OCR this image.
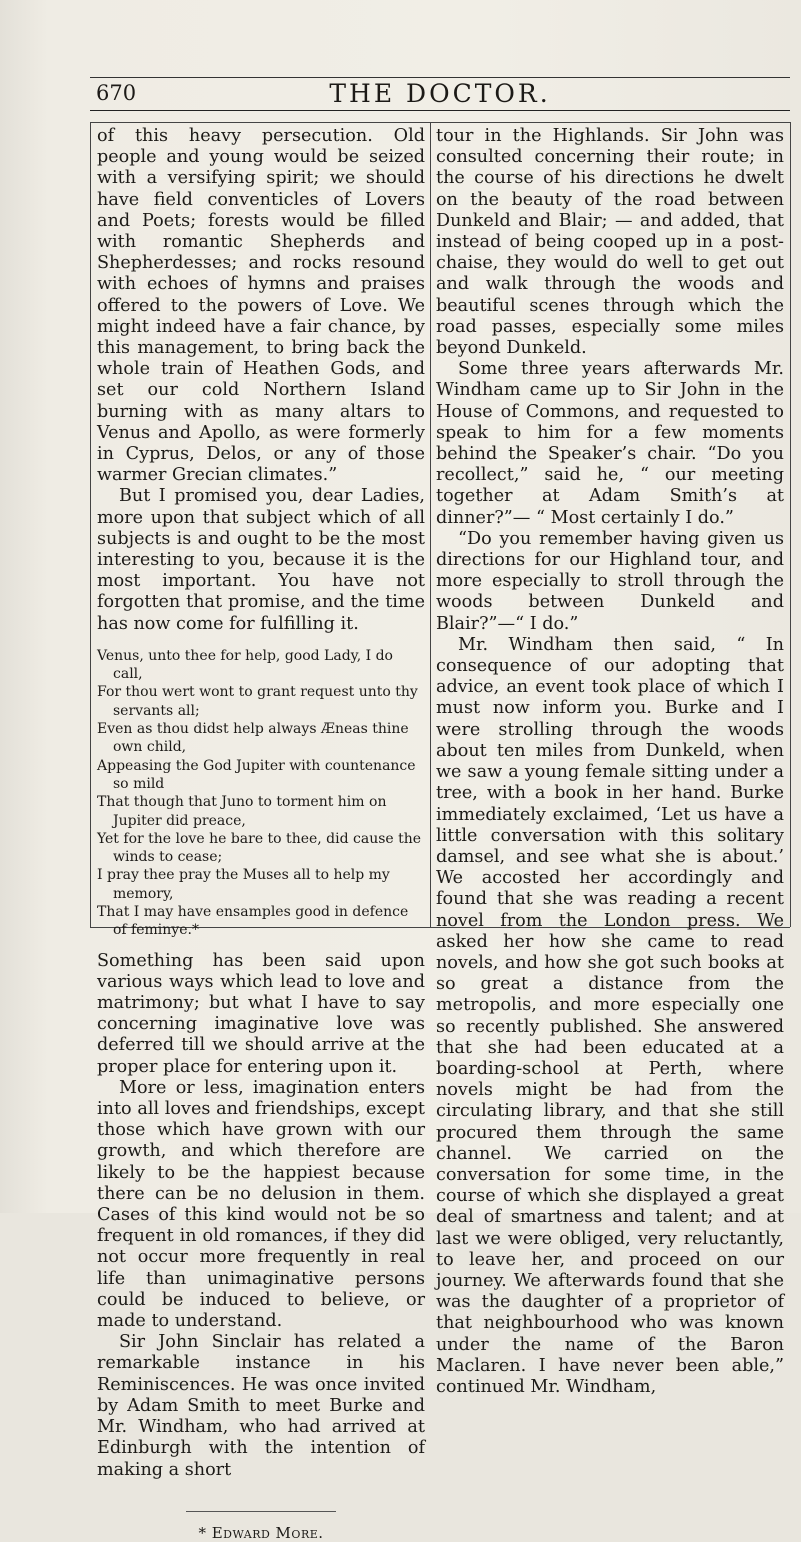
670	THE DOCTOR.

of this heavy persecution. Old people and young would be seized with a versifying spirit; we should have field conventicles of Lovers and Poets; forests would be filled with romantic Shepherds and Shepherdesses; and rocks resound with echoes of hymns and praises offered to the powers of Love. We might indeed have a fair chance, by this management, to bring back the whole train of Heathen Gods, and set our cold Northern Island burning with as many altars to Venus and Apollo, as were formerly in Cyprus, Delos, or any of those warmer Grecian climates.”

But I promised you, dear Ladies, more upon that subject which of all subjects is and ought to be the most interesting to you, because it is the most important. You have not forgotten that promise, and the time has now come for fulfilling it.

Venus, unto thee for help, good Lady, I do call,
For thou wert wont to grant request unto thy servants all;
Even as thou didst help always Æneas thine own child,
Appeasing the God Jupiter with countenance so mild
That though that Juno to torment him on Jupiter did preace,
Yet for the love he bare to thee, did cause the winds to cease;
I pray thee pray the Muses all to help my memory,
That I may have ensamples good in defence of feminye.*

Something has been said upon various ways which lead to love and matrimony; but what I have to say concerning imaginative love was deferred till we should arrive at the proper place for entering upon it.

More or less, imagination enters into all loves and friendships, except those which have grown with our growth, and which therefore are likely to be the happiest because there can be no delusion in them. Cases of this kind would not be so frequent in old romances, if they did not occur more frequently in real life than unimaginative persons could be induced to believe, or made to understand.

Sir John Sinclair has related a remarkable instance in his Reminiscences. He was once invited by Adam Smith to meet Burke and Mr. Windham, who had arrived at Edinburgh with the intention of making a short

* Edward More.

tour in the Highlands. Sir John was consulted concerning their route; in the course of his directions he dwelt on the beauty of the road between Dunkeld and Blair; — and added, that instead of being cooped up in a post-chaise, they would do well to get out and walk through the woods and beautiful scenes through which the road passes, especially some miles beyond Dunkeld.

Some three years afterwards Mr. Windham came up to Sir John in the House of Commons, and requested to speak to him for a few moments behind the Speaker’s chair. “Do you recollect,” said he, “ our meeting together at Adam Smith’s at dinner?”— “ Most certainly I do.”

“Do you remember having given us directions for our Highland tour, and more especially to stroll through the woods between Dunkeld and Blair?”—“ I do.”

Mr. Windham then said, “ In consequence of our adopting that advice, an event took place of which I must now inform you. Burke and I were strolling through the woods about ten miles from Dunkeld, when we saw a young female sitting under a tree, with a book in her hand. Burke immediately exclaimed, ‘Let us have a little conversation with this solitary damsel, and see what she is about.’ We accosted her accordingly and found that she was reading a recent novel from the London press. We asked her how she came to read novels, and how she got such books at so great a distance from the metropolis, and more especially one so recently published. She answered that she had been educated at a boarding-school at Perth, where novels might be had from the circulating library, and that she still procured them through the same channel. We carried on the conversation for some time, in the course of which she displayed a great deal of smartness and talent; and at last we were obliged, very reluctantly, to leave her, and proceed on our journey. We afterwards found that she was the daughter of a proprietor of that neighbourhood who was known under the name of the Baron Maclaren. I have never been able,” continued Mr. Windham,
